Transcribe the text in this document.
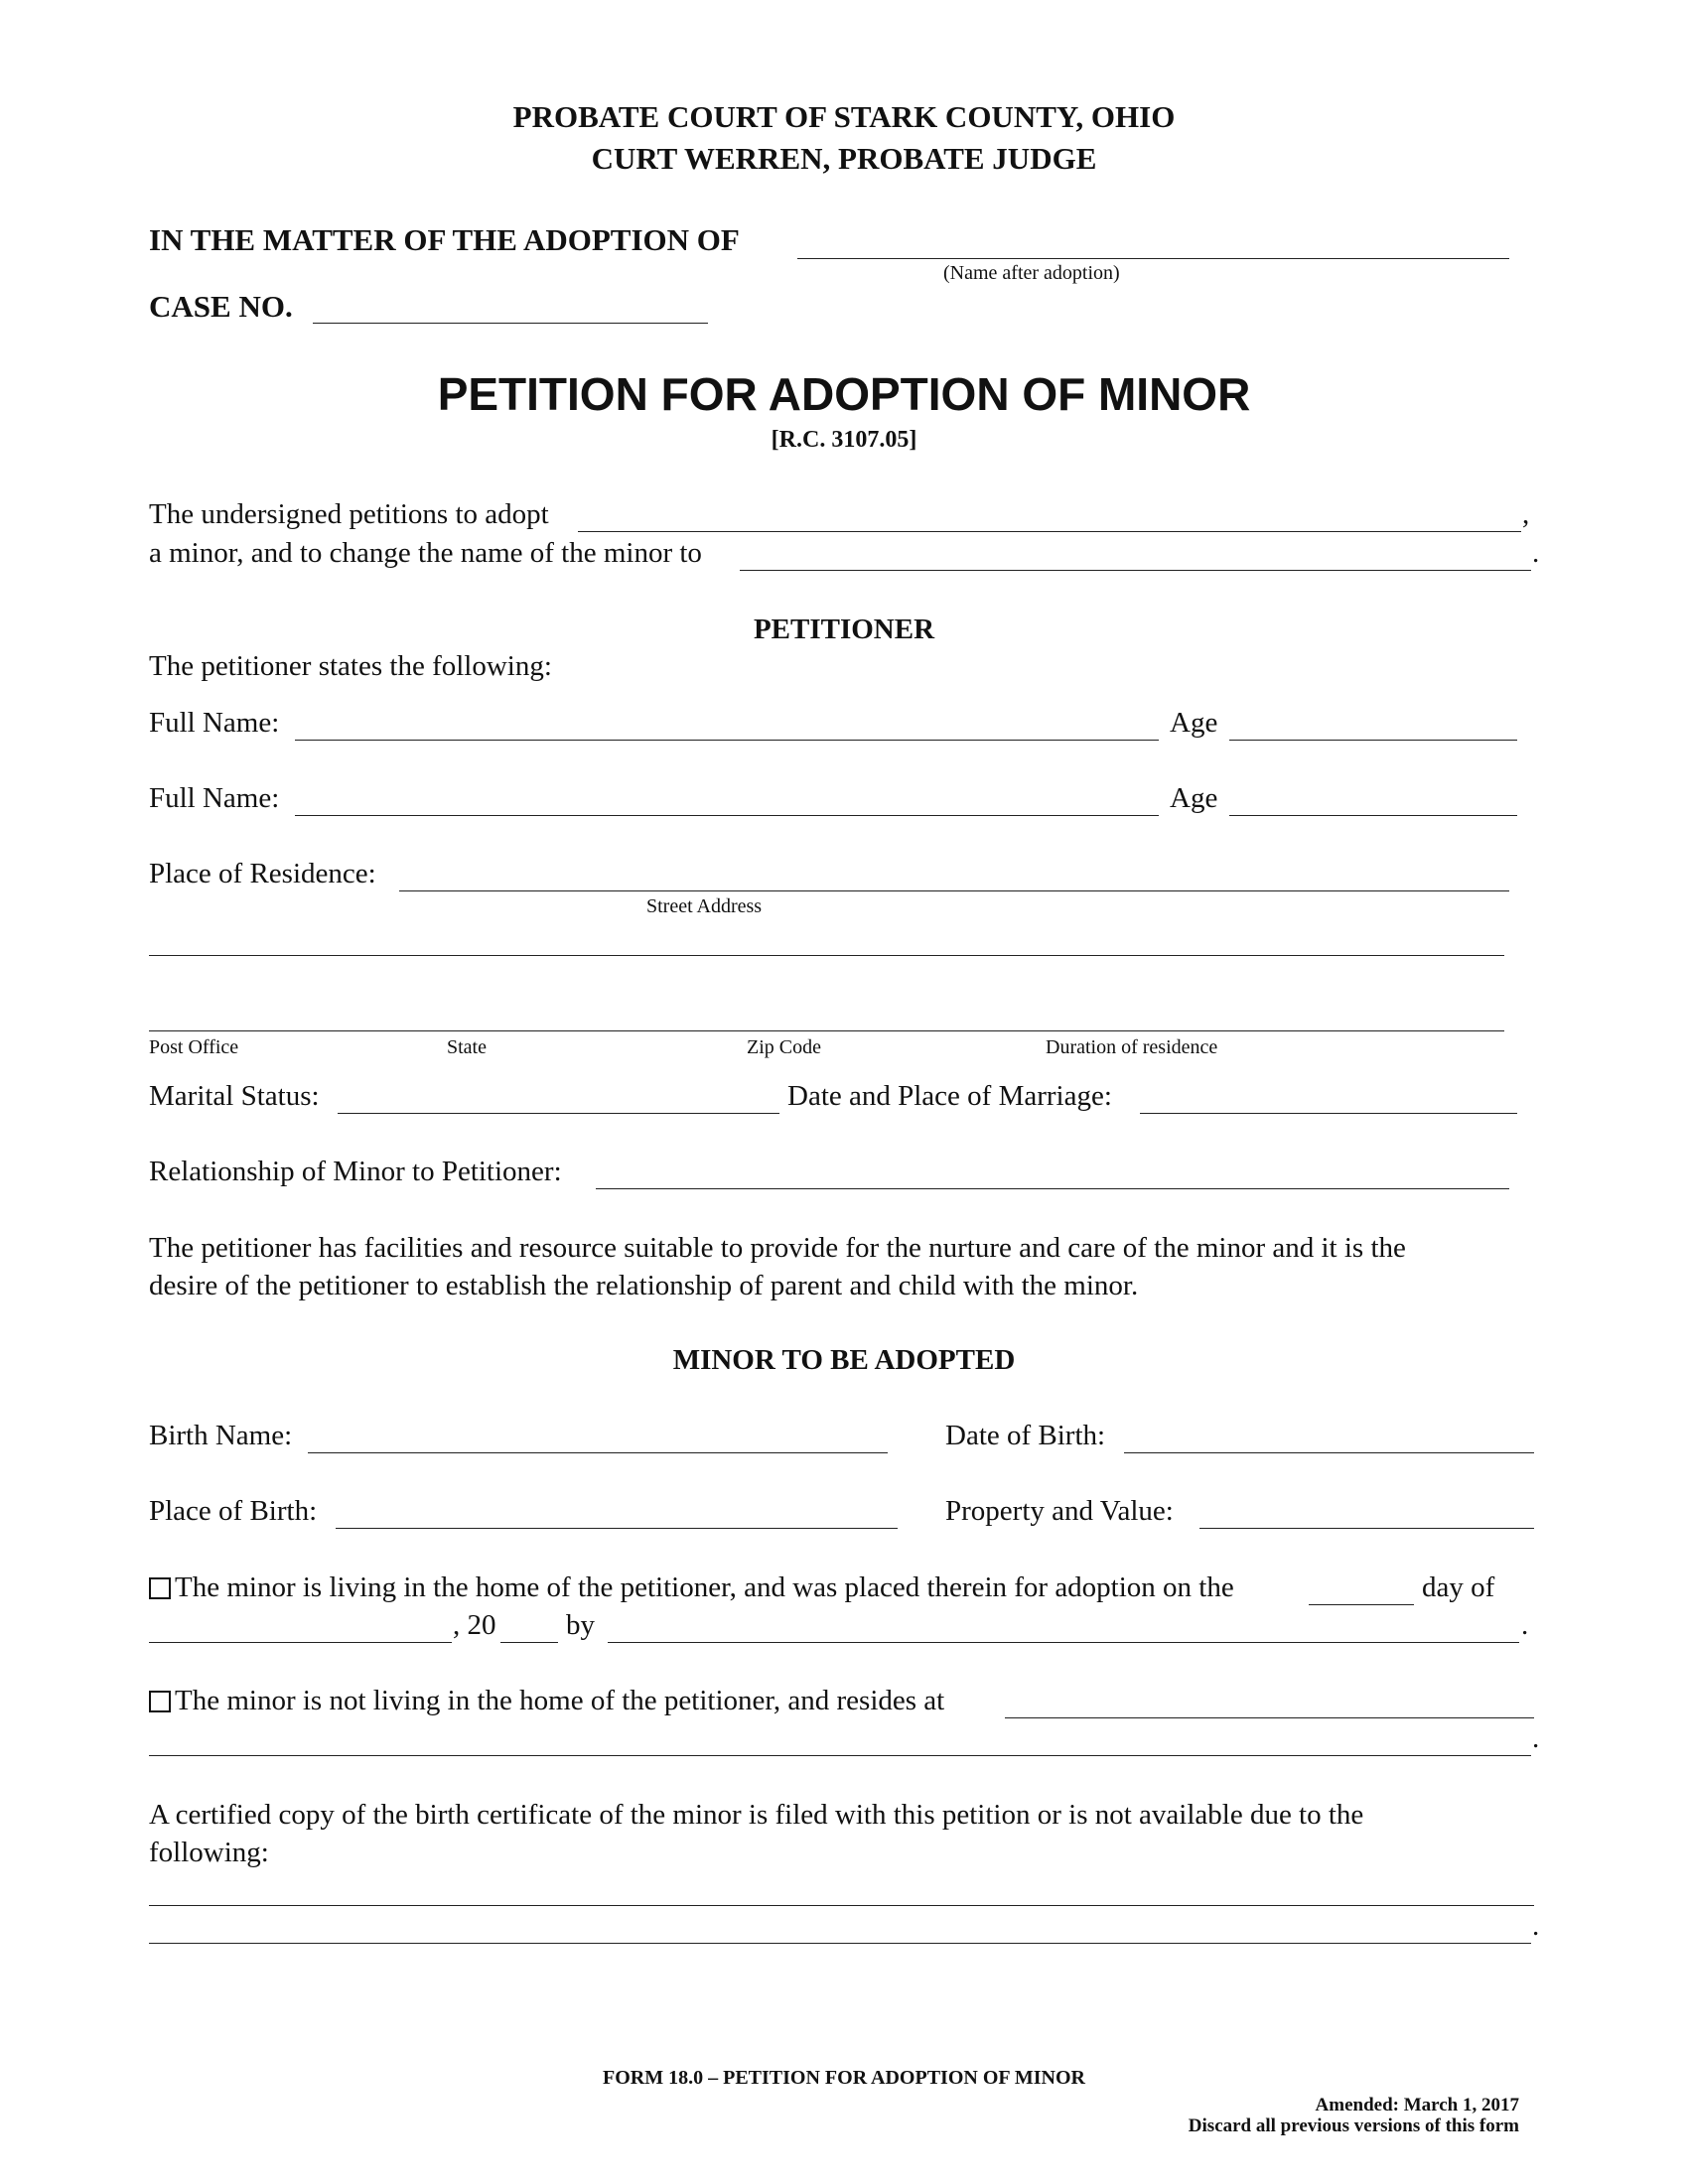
PROBATE COURT OF STARK COUNTY, OHIO
CURT WERREN, PROBATE JUDGE
IN THE MATTER OF THE ADOPTION OF
(Name after adoption)
CASE NO.
PETITION FOR ADOPTION OF MINOR
[R.C. 3107.05]
The undersigned petitions to adopt	,
a minor, and to change the name of the minor to	.
PETITIONER
The petitioner states the following:
Full Name:	Age
Full Name:	Age
Place of Residence:
Street Address
Post Office	State	Zip Code	Duration of residence
Marital Status:	Date and Place of Marriage:
Relationship of Minor to Petitioner:
The petitioner has facilities and resource suitable to provide for the nurture and care of the minor and it is the
desire of the petitioner to establish the relationship of parent and child with the minor.
MINOR TO BE ADOPTED
Birth Name:	Date of Birth:
Place of Birth:	Property and Value:
The minor is living in the home of the petitioner, and was placed therein for adoption on the	day of
, 20 by	.
The minor is not living in the home of the petitioner, and resides at
.
A certified copy of the birth certificate of the minor is filed with this petition or is not available due to the
following:
.
FORM 18.0 – PETITION FOR ADOPTION OF MINOR
Amended: March 1, 2017
Discard all previous versions of this form
